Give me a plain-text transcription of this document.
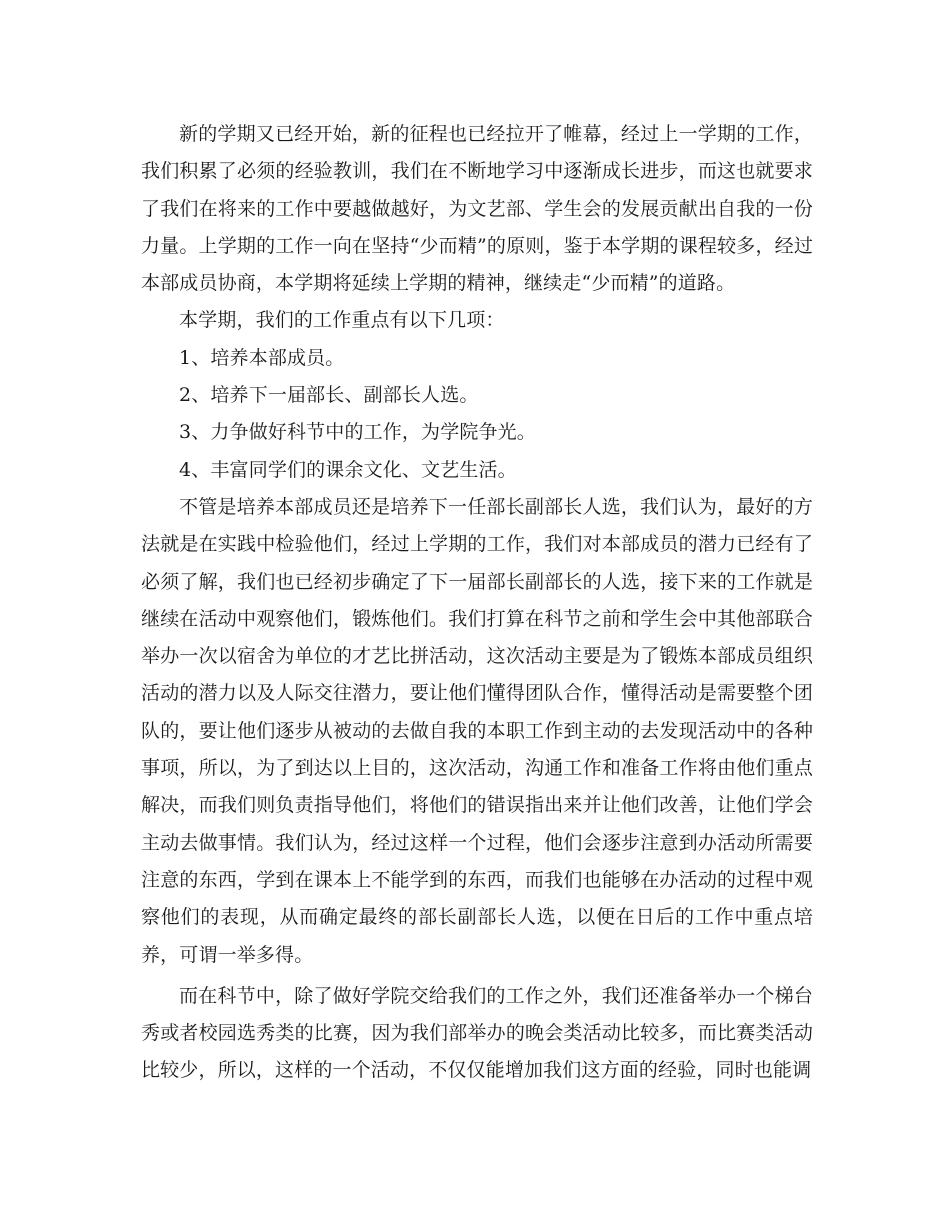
新的学期又已经开始，新的征程也已经拉开了帷幕，经过上一学期的工作，我们积累了必须的经验教训，我们在不断地学习中逐渐成长进步，而这也就要求了我们在将来的工作中要越做越好，为文艺部、学生会的发展贡献出自我的一份力量。上学期的工作一向在坚持“少而精”的原则，鉴于本学期的课程较多，经过本部成员协商，本学期将延续上学期的精神，继续走“少而精”的道路。

本学期，我们的工作重点有以下几项：

1、培养本部成员。

2、培养下一届部长、副部长人选。

3、力争做好科节中的工作，为学院争光。

4、丰富同学们的课余文化、文艺生活。

不管是培养本部成员还是培养下一任部长副部长人选，我们认为，最好的方法就是在实践中检验他们，经过上学期的工作，我们对本部成员的潜力已经有了必须了解，我们也已经初步确定了下一届部长副部长的人选，接下来的工作就是继续在活动中观察他们，锻炼他们。我们打算在科节之前和学生会中其他部联合举办一次以宿舍为单位的才艺比拼活动，这次活动主要是为了锻炼本部成员组织活动的潜力以及人际交往潜力，要让他们懂得团队合作，懂得活动是需要整个团队的，要让他们逐步从被动的去做自我的本职工作到主动的去发现活动中的各种事项，所以，为了到达以上目的，这次活动，沟通工作和准备工作将由他们重点解决，而我们则负责指导他们，将他们的错误指出来并让他们改善，让他们学会主动去做事情。我们认为，经过这样一个过程，他们会逐步注意到办活动所需要注意的东西，学到在课本上不能学到的东西，而我们也能够在办活动的过程中观察他们的表现，从而确定最终的部长副部长人选，以便在日后的工作中重点培养，可谓一举多得。

而在科节中，除了做好学院交给我们的工作之外，我们还准备举办一个梯台秀或者校园选秀类的比赛，因为我们部举办的晚会类活动比较多，而比赛类活动比较少，所以，这样的一个活动，不仅仅能增加我们这方面的经验，同时也能调
